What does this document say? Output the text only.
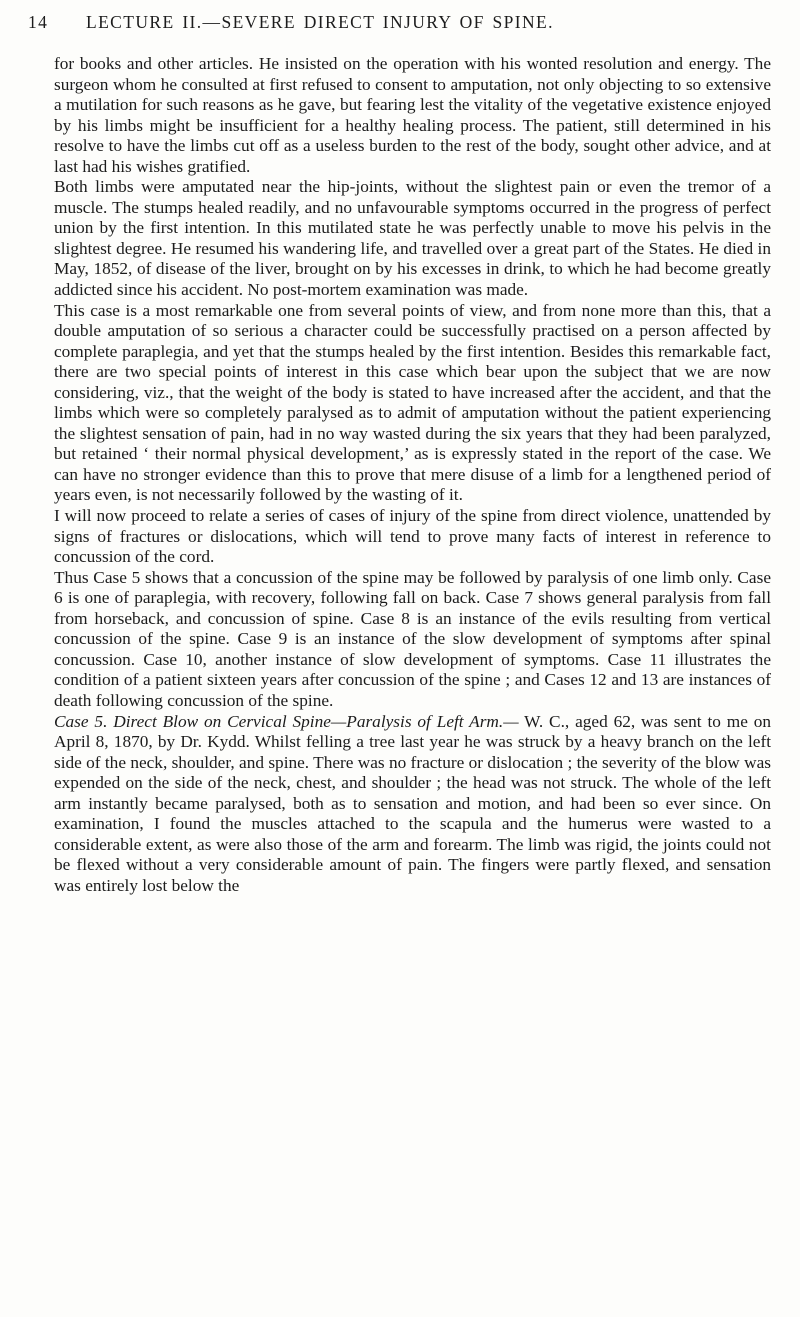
14 LECTURE II.—SEVERE DIRECT INJURY OF SPINE.

for books and other articles. He insisted on the operation with his wonted resolution and energy. The surgeon whom he consulted at first refused to consent to amputation, not only objecting to so extensive a mutilation for such reasons as he gave, but fearing lest the vitality of the vegetative existence enjoyed by his limbs might be insufficient for a healthy healing process. The patient, still determined in his resolve to have the limbs cut off as a useless burden to the rest of the body, sought other advice, and at last had his wishes gratified.

Both limbs were amputated near the hip-joints, without the slightest pain or even the tremor of a muscle. The stumps healed readily, and no unfavourable symptoms occurred in the progress of perfect union by the first intention. In this mutilated state he was perfectly unable to move his pelvis in the slightest degree. He resumed his wandering life, and travelled over a great part of the States. He died in May, 1852, of disease of the liver, brought on by his excesses in drink, to which he had become greatly addicted since his accident. No post-mortem examination was made.

This case is a most remarkable one from several points of view, and from none more than this, that a double amputation of so serious a character could be successfully practised on a person affected by complete paraplegia, and yet that the stumps healed by the first intention. Besides this remarkable fact, there are two special points of interest in this case which bear upon the subject that we are now considering, viz., that the weight of the body is stated to have increased after the accident, and that the limbs which were so completely paralysed as to admit of amputation without the patient experiencing the slightest sensation of pain, had in no way wasted during the six years that they had been paralyzed, but retained ‘ their normal physical development,’ as is expressly stated in the report of the case. We can have no stronger evidence than this to prove that mere disuse of a limb for a lengthened period of years even, is not necessarily followed by the wasting of it.

I will now proceed to relate a series of cases of injury of the spine from direct violence, unattended by signs of fractures or dislocations, which will tend to prove many facts of interest in reference to concussion of the cord.

Thus Case 5 shows that a concussion of the spine may be followed by paralysis of one limb only. Case 6 is one of paraplegia, with recovery, following fall on back. Case 7 shows general paralysis from fall from horseback, and concussion of spine. Case 8 is an instance of the evils resulting from vertical concussion of the spine. Case 9 is an instance of the slow development of symptoms after spinal concussion. Case 10, another instance of slow development of symptoms. Case 11 illustrates the condition of a patient sixteen years after concussion of the spine ; and Cases 12 and 13 are instances of death following concussion of the spine.

Case 5. Direct Blow on Cervical Spine—Paralysis of Left Arm.— W. C., aged 62, was sent to me on April 8, 1870, by Dr. Kydd. Whilst felling a tree last year he was struck by a heavy branch on the left side of the neck, shoulder, and spine. There was no fracture or dislocation ; the severity of the blow was expended on the side of the neck, chest, and shoulder ; the head was not struck. The whole of the left arm instantly became paralysed, both as to sensation and motion, and had been so ever since. On examination, I found the muscles attached to the scapula and the humerus were wasted to a considerable extent, as were also those of the arm and forearm. The limb was rigid, the joints could not be flexed without a very considerable amount of pain. The fingers were partly flexed, and sensation was entirely lost below the
